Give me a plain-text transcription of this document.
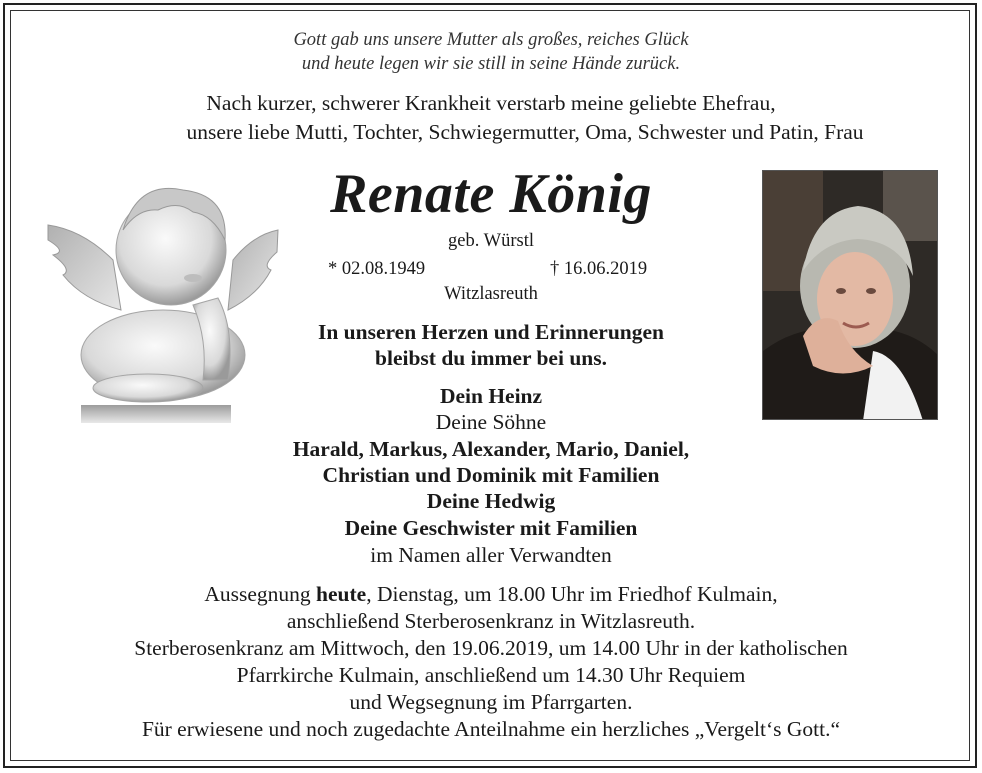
Gott gab uns unsere Mutter als großes, reiches Glück
und heute legen wir sie still in seine Hände zurück.
Nach kurzer, schwerer Krankheit verstarb meine geliebte Ehefrau,
unsere liebe Mutti, Tochter, Schwiegermutter, Oma, Schwester und Patin, Frau
Renate König
geb. Würstl
* 02.08.1949	† 16.06.2019
Witzlasreuth
In unseren Herzen und Erinnerungen
bleibst du immer bei uns.
Dein Heinz
Deine Söhne
Harald, Markus, Alexander, Mario, Daniel,
Christian und Dominik mit Familien
Deine Hedwig
Deine Geschwister mit Familien
im Namen aller Verwandten
Aussegnung heute, Dienstag, um 18.00 Uhr im Friedhof Kulmain,
anschließend Sterberosenkranz in Witzlasreuth.
Sterberosenkranz am Mittwoch, den 19.06.2019, um 14.00 Uhr in der katholischen
Pfarrkirche Kulmain, anschließend um 14.30 Uhr Requiem
und Wegsegnung im Pfarrgarten.
Für erwiesene und noch zugedachte Anteilnahme ein herzliches „Vergelt‘s Gott.“
